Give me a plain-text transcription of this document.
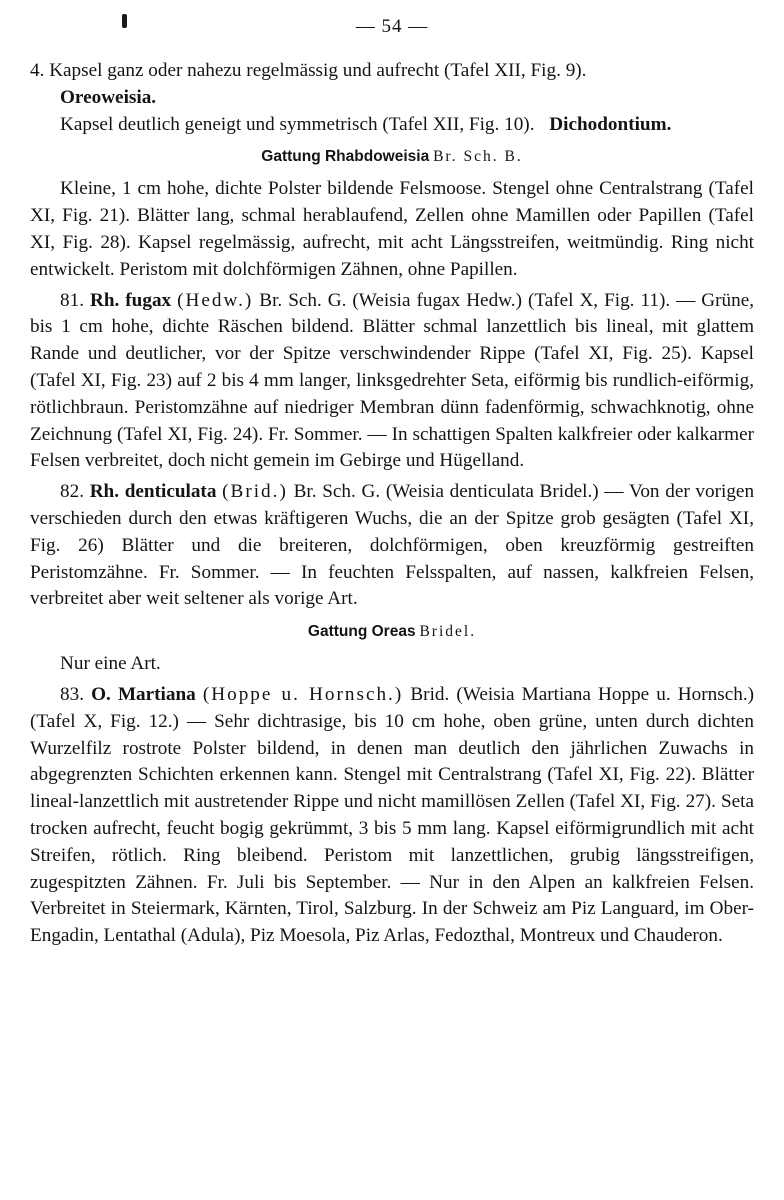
— 54 —

4. Kapsel ganz oder nahezu regelmässig und aufrecht (Tafel XII, Fig. 9).
Oreoweisia.

Kapsel deutlich geneigt und symmetrisch (Tafel XII, Fig. 10). Dichodontium.

Gattung Rhabdoweisia Br. Sch. B.

Kleine, 1 cm hohe, dichte Polster bildende Felsmoose. Stengel ohne Centralstrang (Tafel XI, Fig. 21). Blätter lang, schmal herablaufend, Zellen ohne Mamillen oder Papillen (Tafel XI, Fig. 28). Kapsel regelmässig, aufrecht, mit acht Längsstreifen, weitmündig. Ring nicht entwickelt. Peristom mit dolchförmigen Zähnen, ohne Papillen.

81. Rh. fugax (Hedw.) Br. Sch. G. (Weisia fugax Hedw.) (Tafel X, Fig. 11). — Grüne, bis 1 cm hohe, dichte Räschen bildend. Blätter schmal lanzettlich bis lineal, mit glattem Rande und deutlicher, vor der Spitze verschwindender Rippe (Tafel XI, Fig. 25). Kapsel (Tafel XI, Fig. 23) auf 2 bis 4 mm langer, linksgedrehter Seta, eiförmig bis rundlich-eiförmig, rötlichbraun. Peristomzähne auf niedriger Membran dünn fadenförmig, schwachknotig, ohne Zeichnung (Tafel XI, Fig. 24). Fr. Sommer. — In schattigen Spalten kalkfreier oder kalkarmer Felsen verbreitet, doch nicht gemein im Gebirge und Hügelland.

82. Rh. denticulata (Brid.) Br. Sch. G. (Weisia denticulata Bridel.) — Von der vorigen verschieden durch den etwas kräftigeren Wuchs, die an der Spitze grob gesägten (Tafel XI, Fig. 26) Blätter und die breiteren, dolchförmigen, oben kreuzförmig gestreiften Peristomzähne. Fr. Sommer. — In feuchten Felsspalten, auf nassen, kalkfreien Felsen, verbreitet aber weit seltener als vorige Art.

Gattung Oreas Bridel.

Nur eine Art.

83. O. Martiana (Hoppe u. Hornsch.) Brid. (Weisia Martiana Hoppe u. Hornsch.) (Tafel X, Fig. 12.) — Sehr dichtrasige, bis 10 cm hohe, oben grüne, unten durch dichten Wurzelfilz rostrote Polster bildend, in denen man deutlich den jährlichen Zuwachs in abgegrenzten Schichten erkennen kann. Stengel mit Centralstrang (Tafel XI, Fig. 22). Blätter lineal-lanzettlich mit austretender Rippe und nicht mamillösen Zellen (Tafel XI, Fig. 27). Seta trocken aufrecht, feucht bogig gekrümmt, 3 bis 5 mm lang. Kapsel eiförmigrundlich mit acht Streifen, rötlich. Ring bleibend. Peristom mit lanzettlichen, grubig längsstreifigen, zugespitzten Zähnen. Fr. Juli bis September. — Nur in den Alpen an kalkfreien Felsen. Verbreitet in Steiermark, Kärnten, Tirol, Salzburg. In der Schweiz am Piz Languard, im Ober-Engadin, Lentathal (Adula), Piz Moesola, Piz Arlas, Fedozthal, Montreux und Chauderon.
